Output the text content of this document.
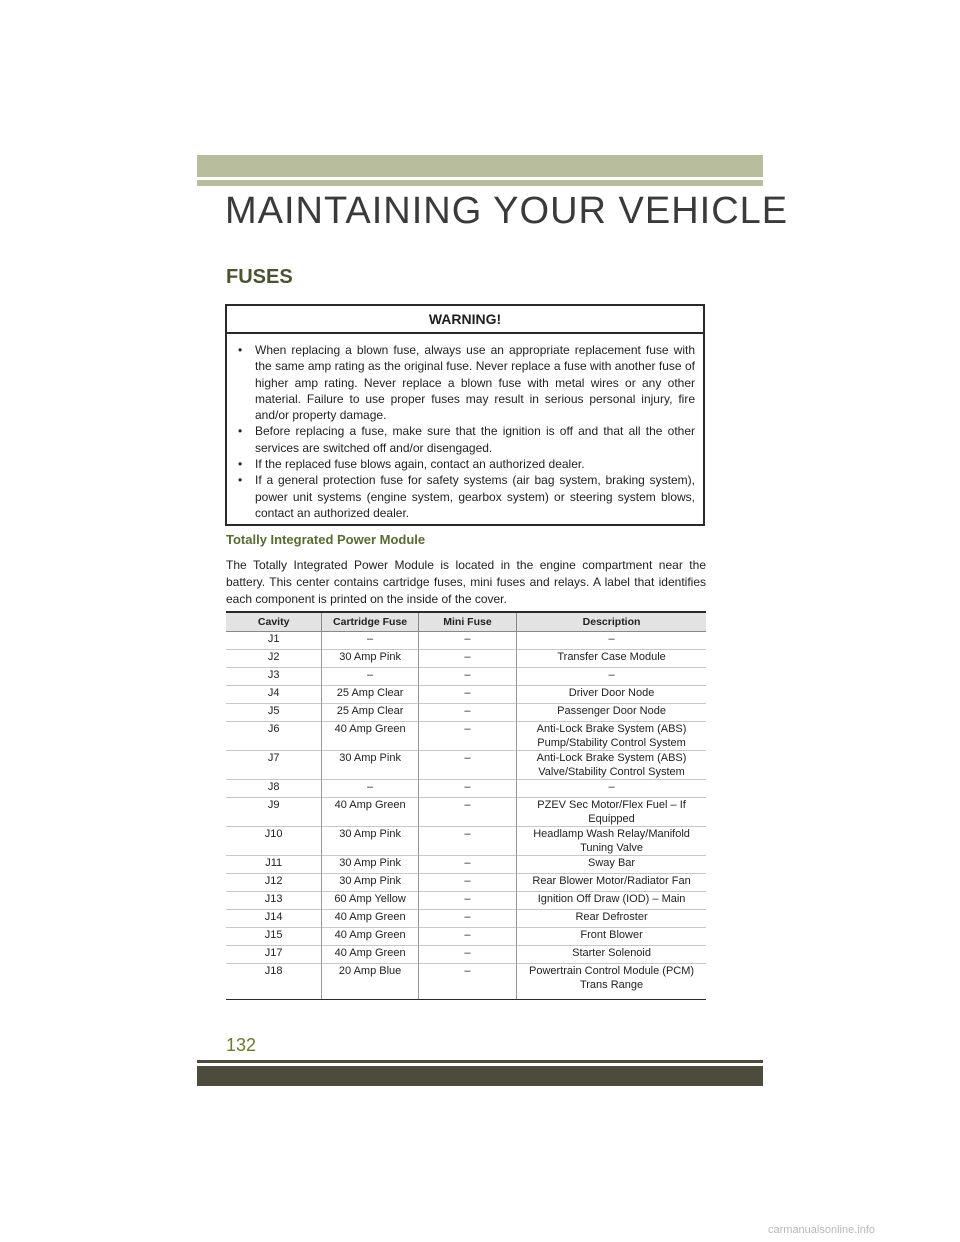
MAINTAINING YOUR VEHICLE
FUSES
WARNING!
• When replacing a blown fuse, always use an appropriate replacement fuse with the same amp rating as the original fuse. Never replace a fuse with another fuse of higher amp rating. Never replace a blown fuse with metal wires or any other material. Failure to use proper fuses may result in serious personal injury, fire and/or property damage.
• Before replacing a fuse, make sure that the ignition is off and that all the other services are switched off and/or disengaged.
• If the replaced fuse blows again, contact an authorized dealer.
• If a general protection fuse for safety systems (air bag system, braking system), power unit systems (engine system, gearbox system) or steering system blows, contact an authorized dealer.
Totally Integrated Power Module

The Totally Integrated Power Module is located in the engine compartment near the battery. This center contains cartridge fuses, mini fuses and relays. A label that identifies each component is printed on the inside of the cover.

Cavity	Cartridge Fuse	Mini Fuse	Description
J1	–	–	–
J2	30 Amp Pink	–	Transfer Case Module
J3	–	–	–
J4	25 Amp Clear	–	Driver Door Node
J5	25 Amp Clear	–	Passenger Door Node
J6	40 Amp Green	–	Anti-Lock Brake System (ABS) Pump/Stability Control System
J7	30 Amp Pink	–	Anti-Lock Brake System (ABS) Valve/Stability Control System
J8	–	–	–
J9	40 Amp Green	–	PZEV Sec Motor/Flex Fuel – If Equipped
J10	30 Amp Pink	–	Headlamp Wash Relay/Manifold Tuning Valve
J11	30 Amp Pink	–	Sway Bar
J12	30 Amp Pink	–	Rear Blower Motor/Radiator Fan
J13	60 Amp Yellow	–	Ignition Off Draw (IOD) – Main
J14	40 Amp Green	–	Rear Defroster
J15	40 Amp Green	–	Front Blower
J17	40 Amp Green	–	Starter Solenoid
J18	20 Amp Blue	–	Powertrain Control Module (PCM) Trans Range
132
carmanualsonline.info
